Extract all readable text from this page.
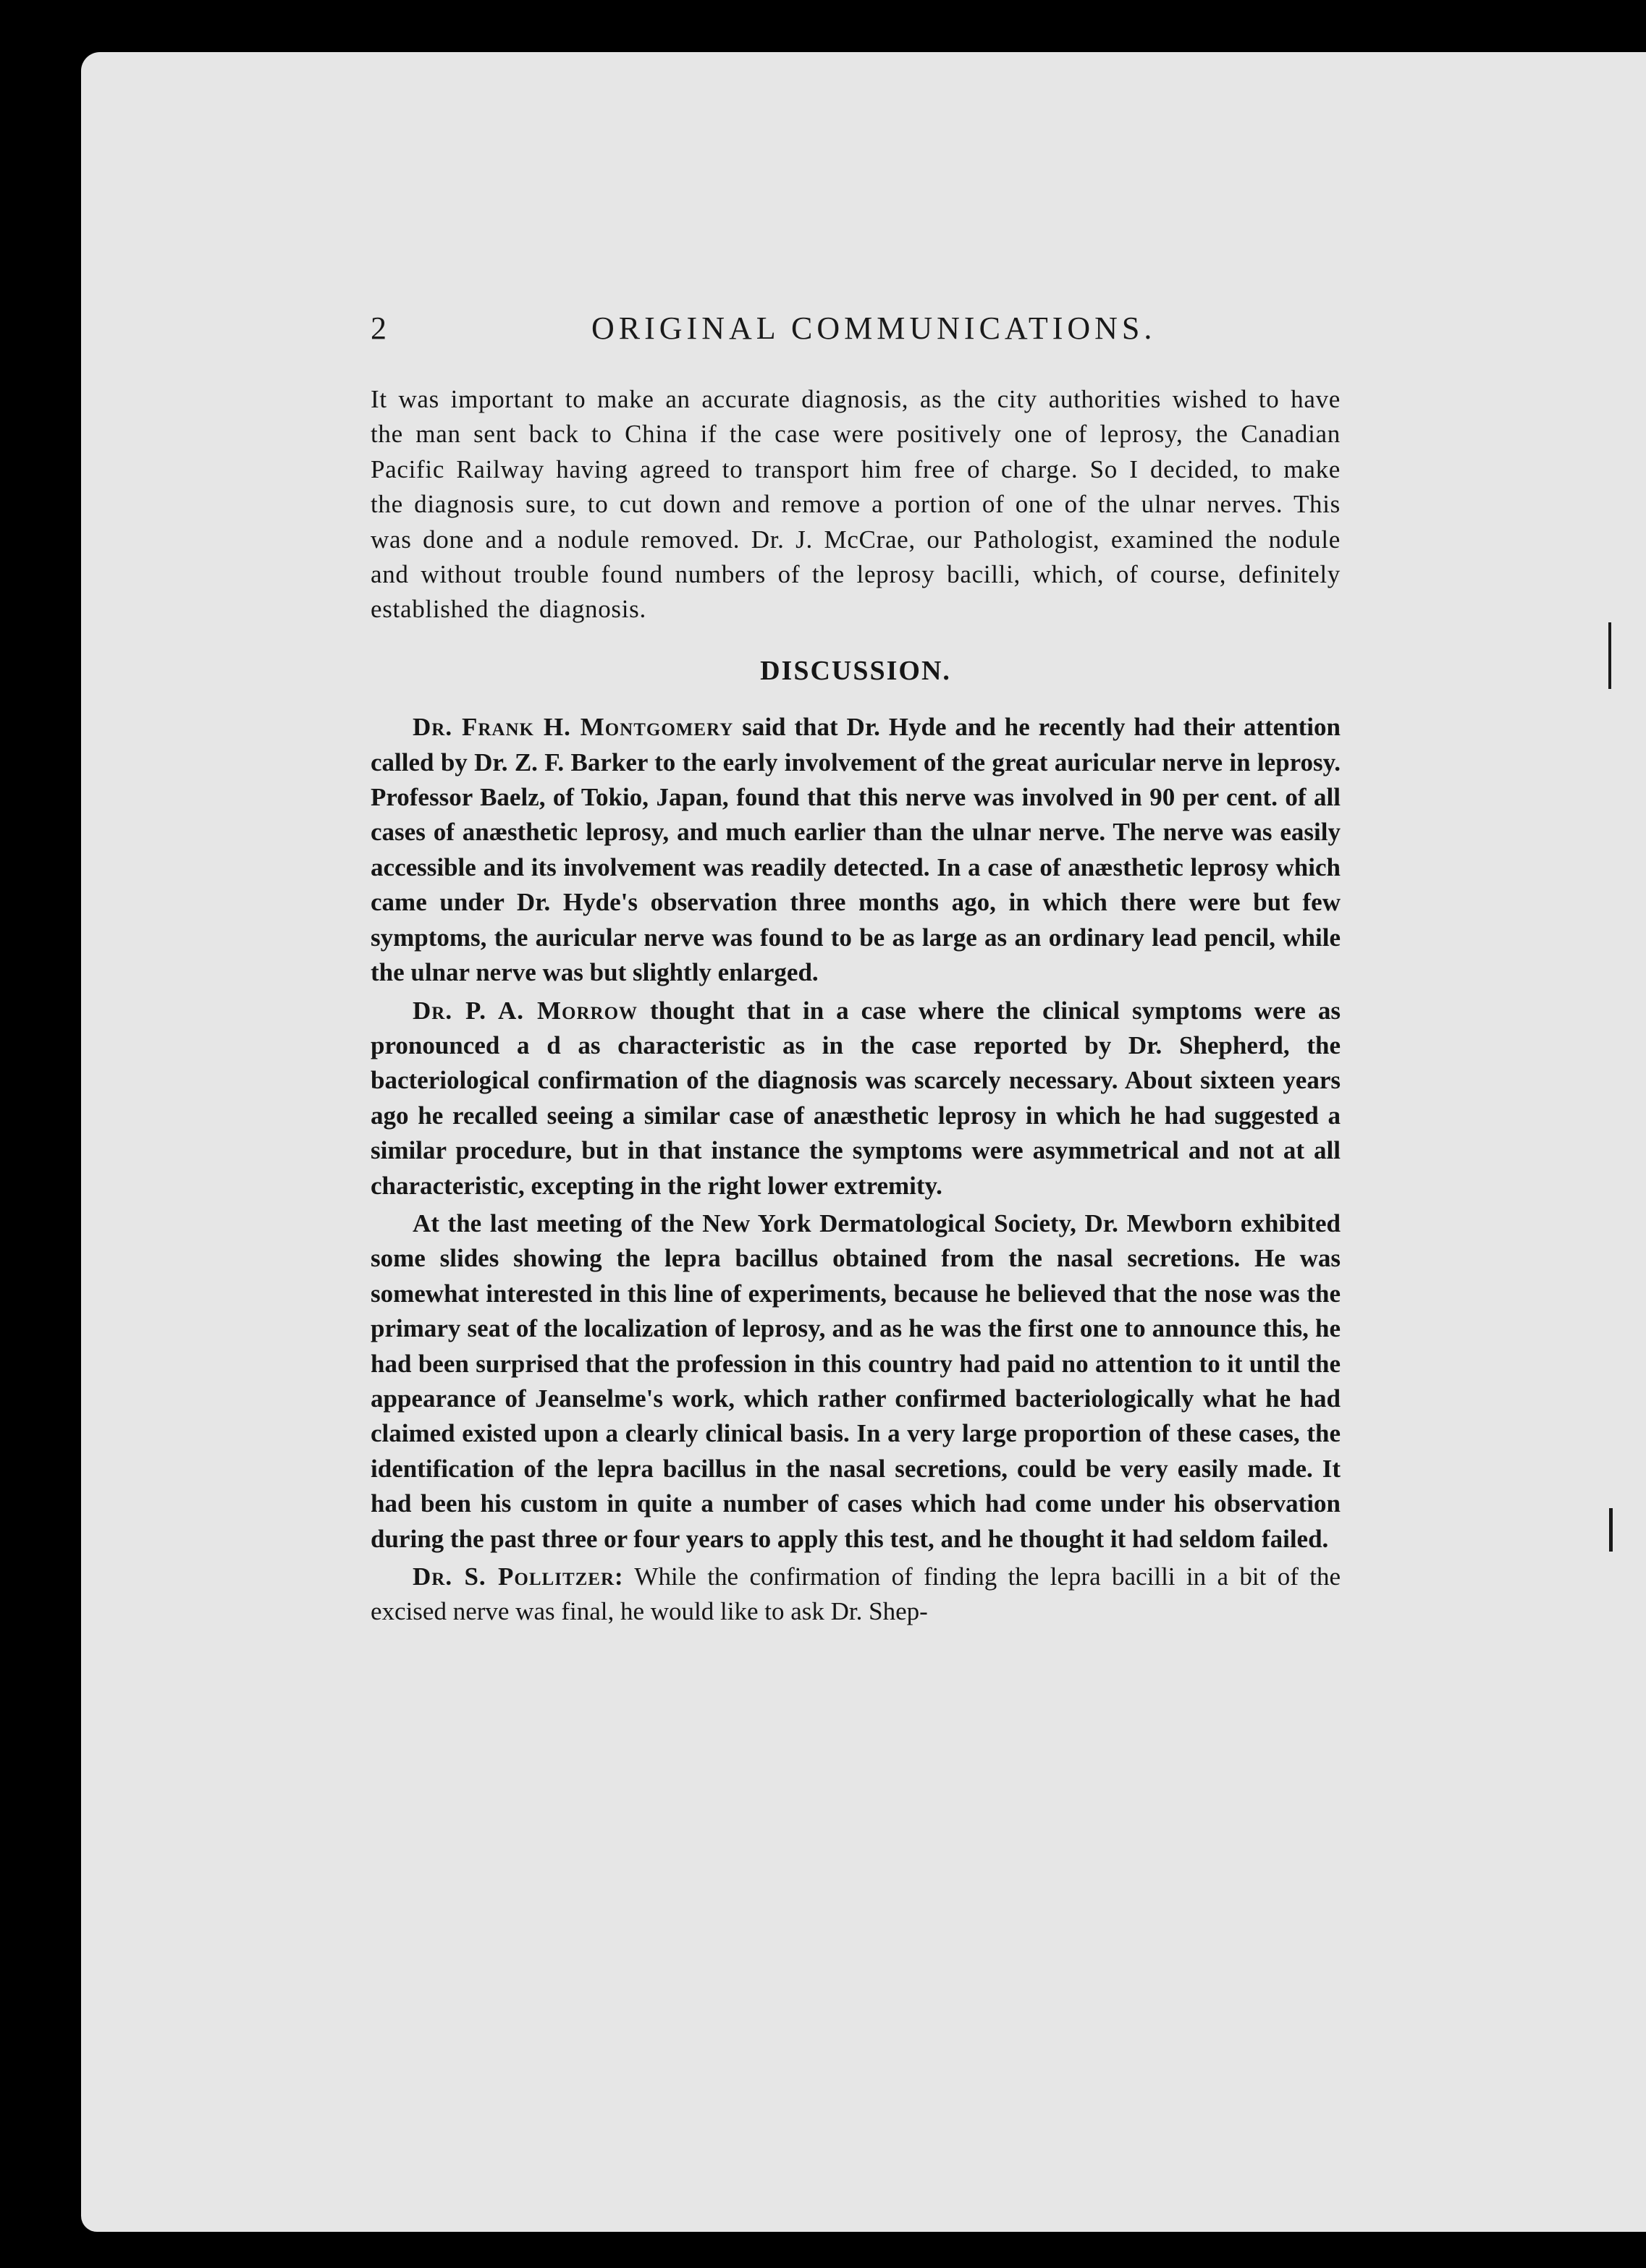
2	ORIGINAL COMMUNICATIONS.

It was important to make an accurate diagnosis, as the city authorities wished to have the man sent back to China if the case were positively one of leprosy, the Canadian Pacific Railway having agreed to transport him free of charge. So I decided, to make the diagnosis sure, to cut down and remove a portion of one of the ulnar nerves. This was done and a nodule removed. Dr. J. McCrae, our Pathologist, examined the nodule and without trouble found numbers of the leprosy bacilli, which, of course, definitely established the diagnosis.

DISCUSSION.

Dr. Frank H. Montgomery said that Dr. Hyde and he recently had their attention called by Dr. Z. F. Barker to the early involvement of the great auricular nerve in leprosy. Professor Baelz, of Tokio, Japan, found that this nerve was involved in 90 per cent. of all cases of anæsthetic leprosy, and much earlier than the ulnar nerve. The nerve was easily accessible and its involvement was readily detected. In a case of anæsthetic leprosy which came under Dr. Hyde's observation three months ago, in which there were but few symptoms, the auricular nerve was found to be as large as an ordinary lead pencil, while the ulnar nerve was but slightly enlarged.

Dr. P. A. Morrow thought that in a case where the clinical symptoms were as pronounced a d as characteristic as in the case reported by Dr. Shepherd, the bacteriological confirmation of the diagnosis was scarcely necessary. About sixteen years ago he recalled seeing a similar case of anæsthetic leprosy in which he had suggested a similar procedure, but in that instance the symptoms were asymmetrical and not at all characteristic, excepting in the right lower extremity.

At the last meeting of the New York Dermatological Society, Dr. Mewborn exhibited some slides showing the lepra bacillus obtained from the nasal secretions. He was somewhat interested in this line of experiments, because he believed that the nose was the primary seat of the localization of leprosy, and as he was the first one to announce this, he had been surprised that the profession in this country had paid no attention to it until the appearance of Jeanselme's work, which rather confirmed bacteriologically what he had claimed existed upon a clearly clinical basis. In a very large proportion of these cases, the identification of the lepra bacillus in the nasal secretions, could be very easily made. It had been his custom in quite a number of cases which had come under his observation during the past three or four years to apply this test, and he thought it had seldom failed.

Dr. S. Pollitzer: While the confirmation of finding the lepra bacilli in a bit of the excised nerve was final, he would like to ask Dr. Shep-
